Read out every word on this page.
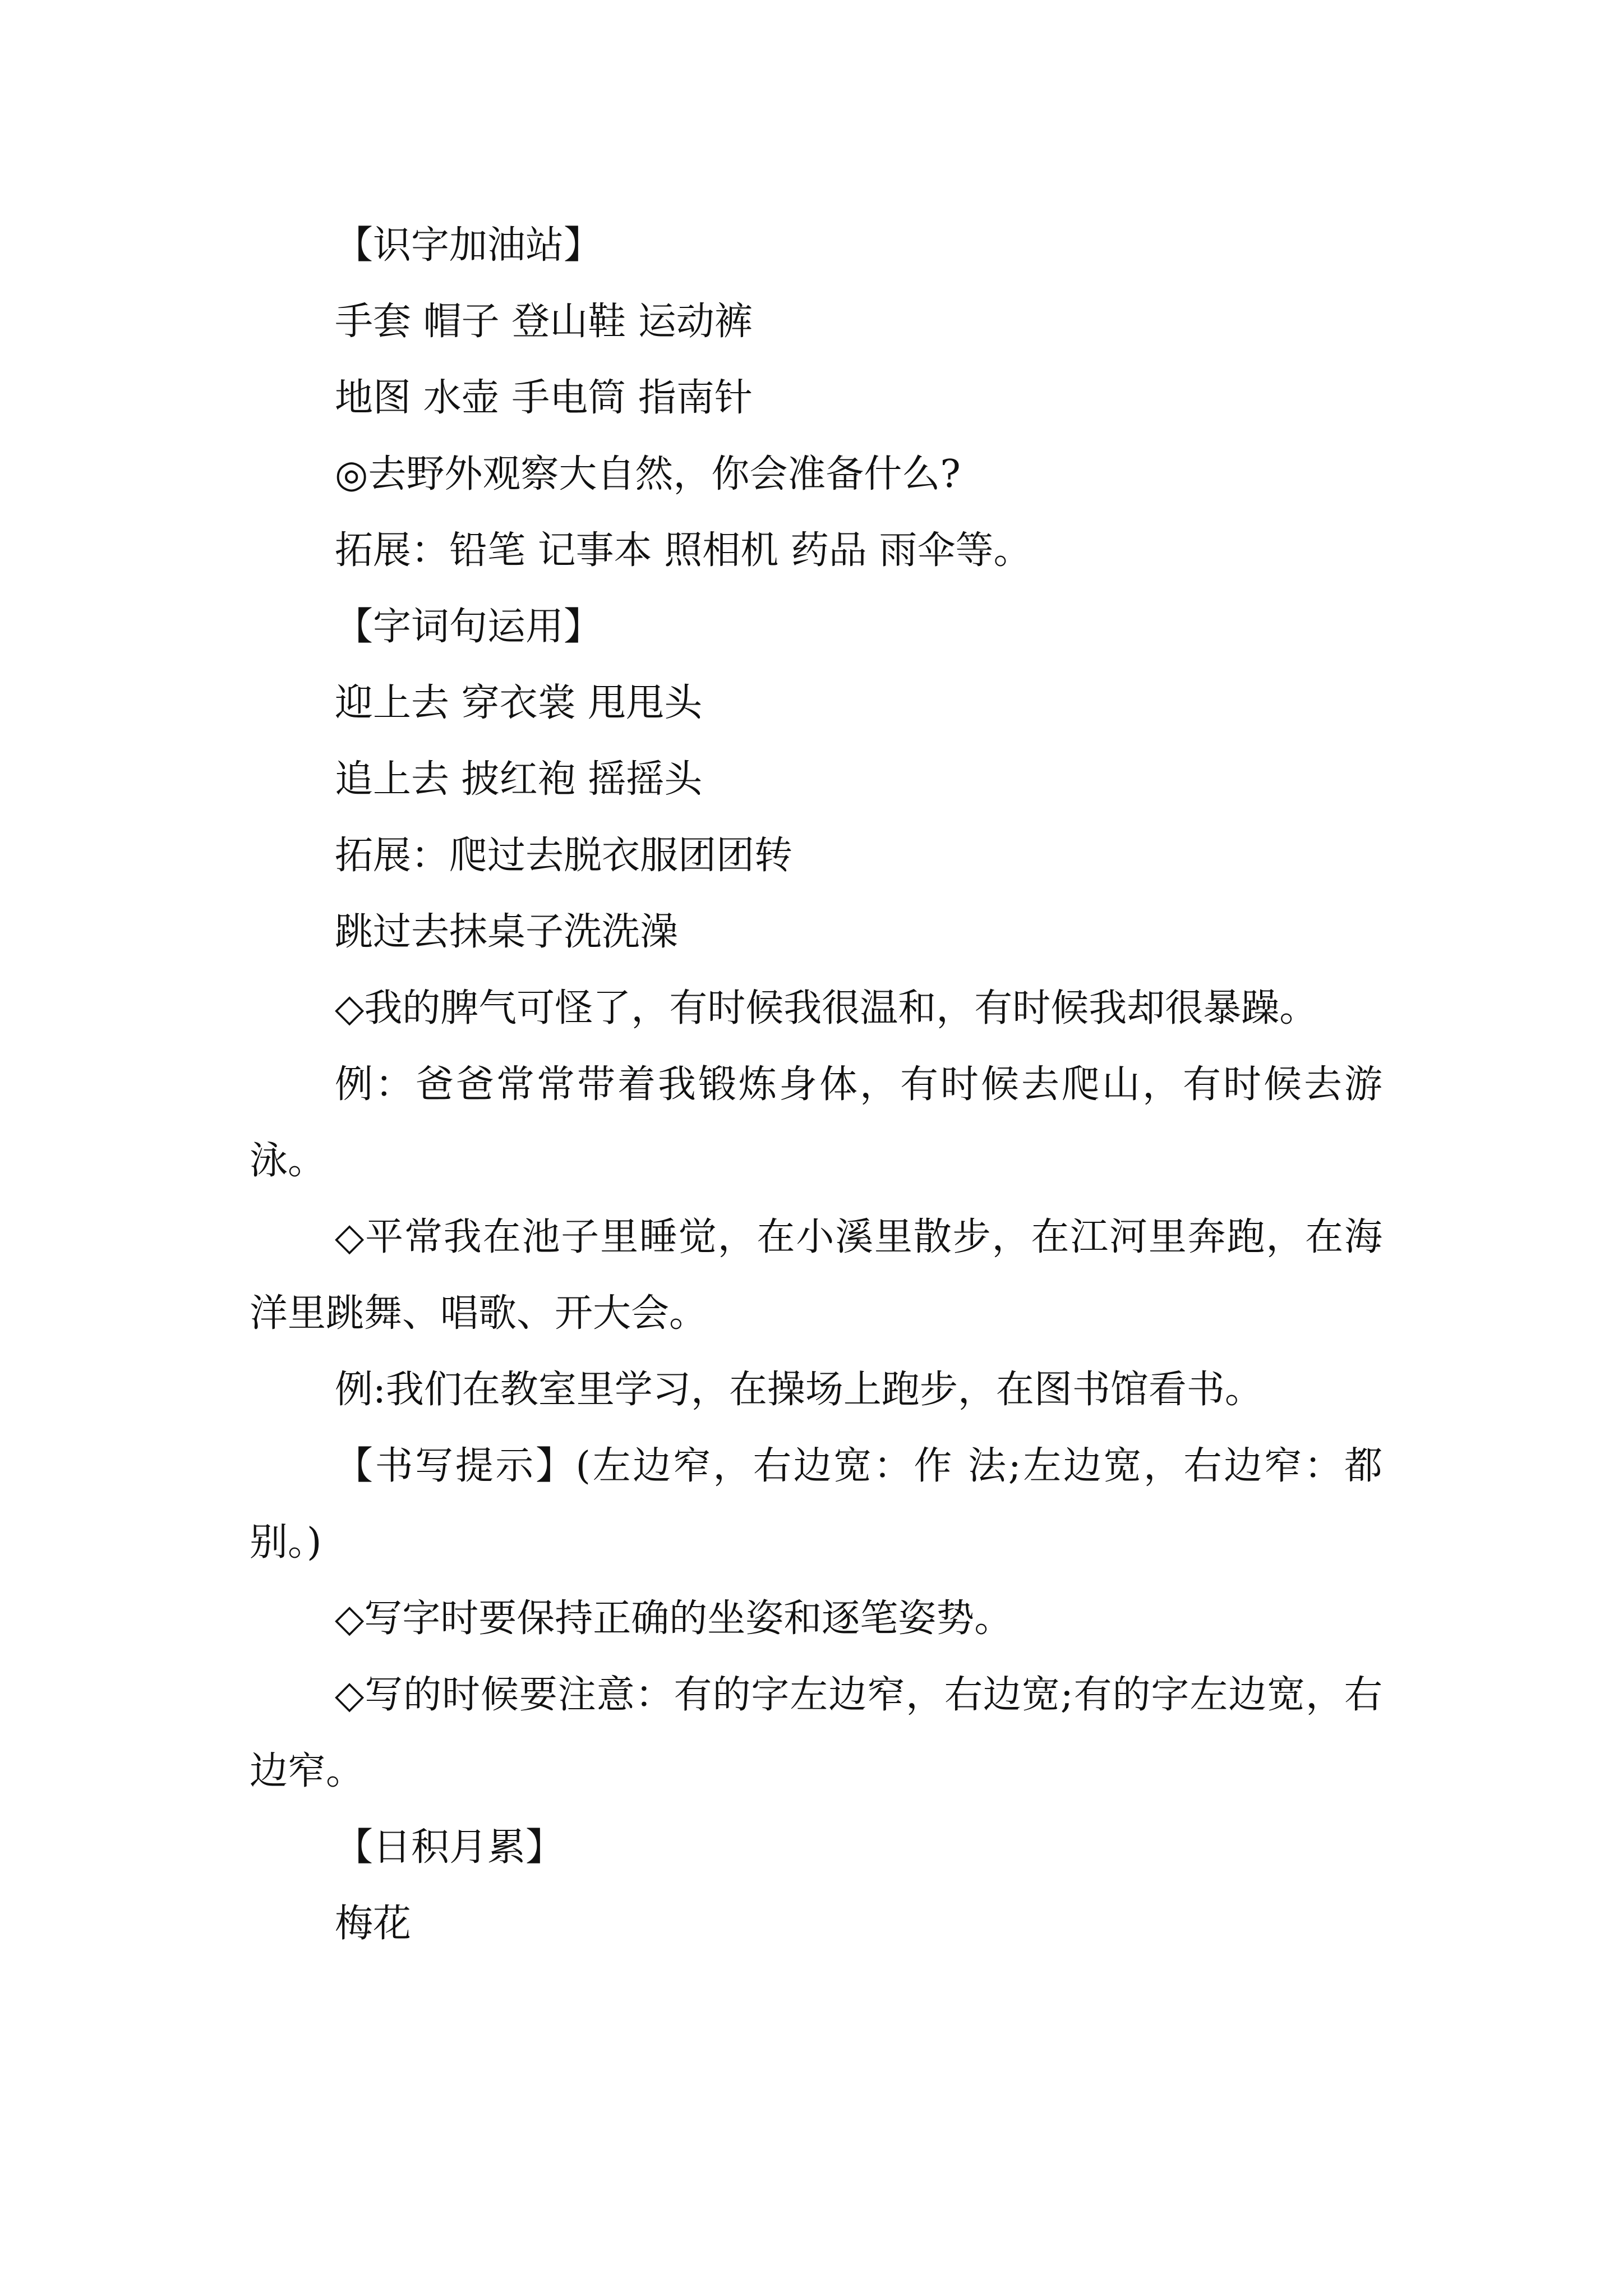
【识字加油站】

手套 帽子 登山鞋 运动裤

地图 水壶 手电筒 指南针

◎去野外观察大自然，你会准备什么?

拓展：铅笔 记事本 照相机 药品 雨伞等。

【字词句运用】

迎上去 穿衣裳 甩甩头

追上去 披红袍 摇摇头

拓展：爬过去脱衣服团团转

跳过去抹桌子洗洗澡

◇我的脾气可怪了，有时候我很温和，有时候我却很暴躁。

例：爸爸常常带着我锻炼身体，有时候去爬山，有时候去游泳。

◇平常我在池子里睡觉，在小溪里散步，在江河里奔跑，在海洋里跳舞、唱歌、开大会。

例:我们在教室里学习，在操场上跑步，在图书馆看书。

【书写提示】(左边窄，右边宽：作 法;左边宽，右边窄：都 别。)

◇写字时要保持正确的坐姿和逐笔姿势。

◇写的时候要注意：有的字左边窄，右边宽;有的字左边宽，右边窄。

【日积月累】

梅花
